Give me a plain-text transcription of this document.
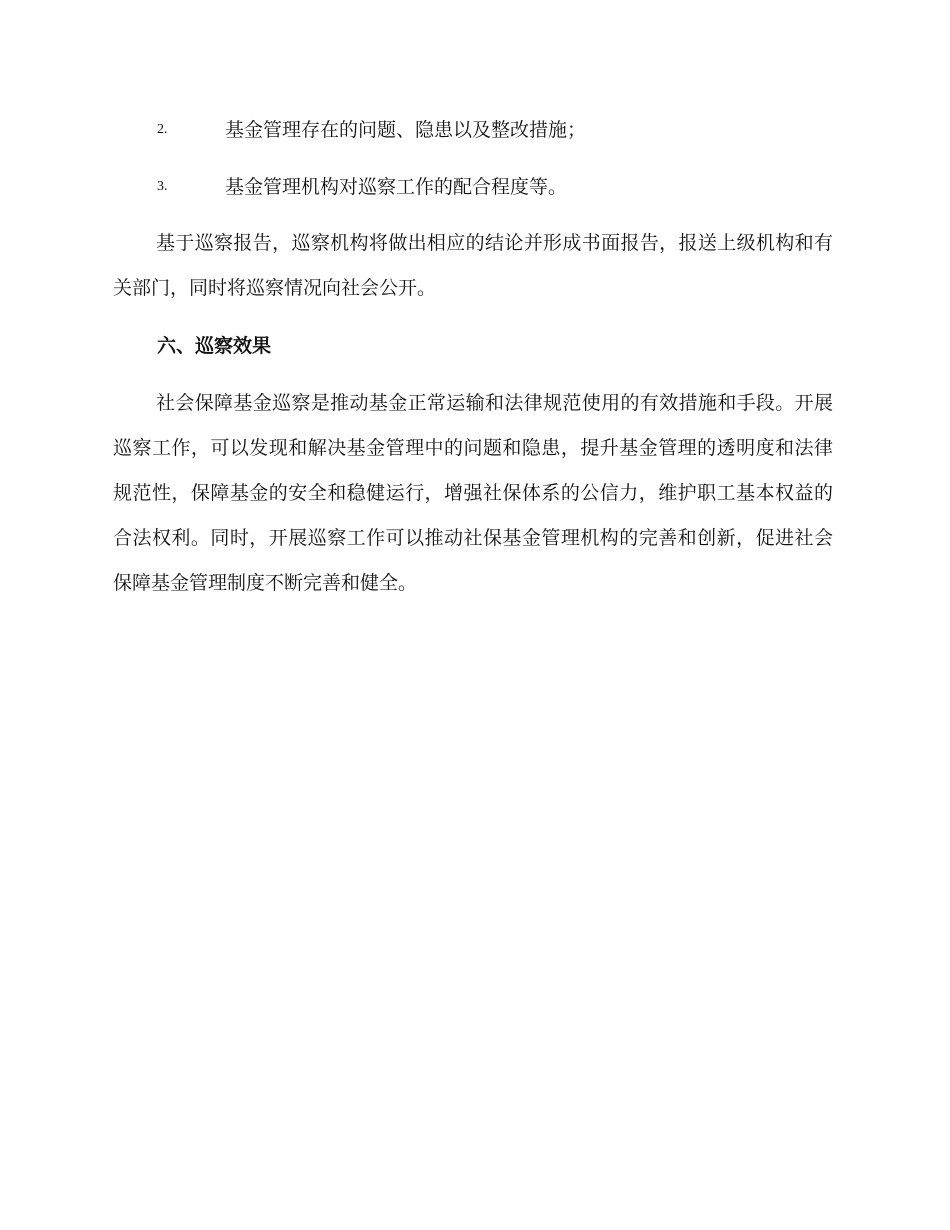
2.	基金管理存在的问题、隐患以及整改措施；
3.	基金管理机构对巡察工作的配合程度等。

基于巡察报告，巡察机构将做出相应的结论并形成书面报告，报送上级机构和有关部门，同时将巡察情况向社会公开。

六、巡察效果

社会保障基金巡察是推动基金正常运输和法律规范使用的有效措施和手段。开展巡察工作，可以发现和解决基金管理中的问题和隐患，提升基金管理的透明度和法律规范性，保障基金的安全和稳健运行，增强社保体系的公信力，维护职工基本权益的合法权利。同时，开展巡察工作可以推动社保基金管理机构的完善和创新，促进社会保障基金管理制度不断完善和健全。
